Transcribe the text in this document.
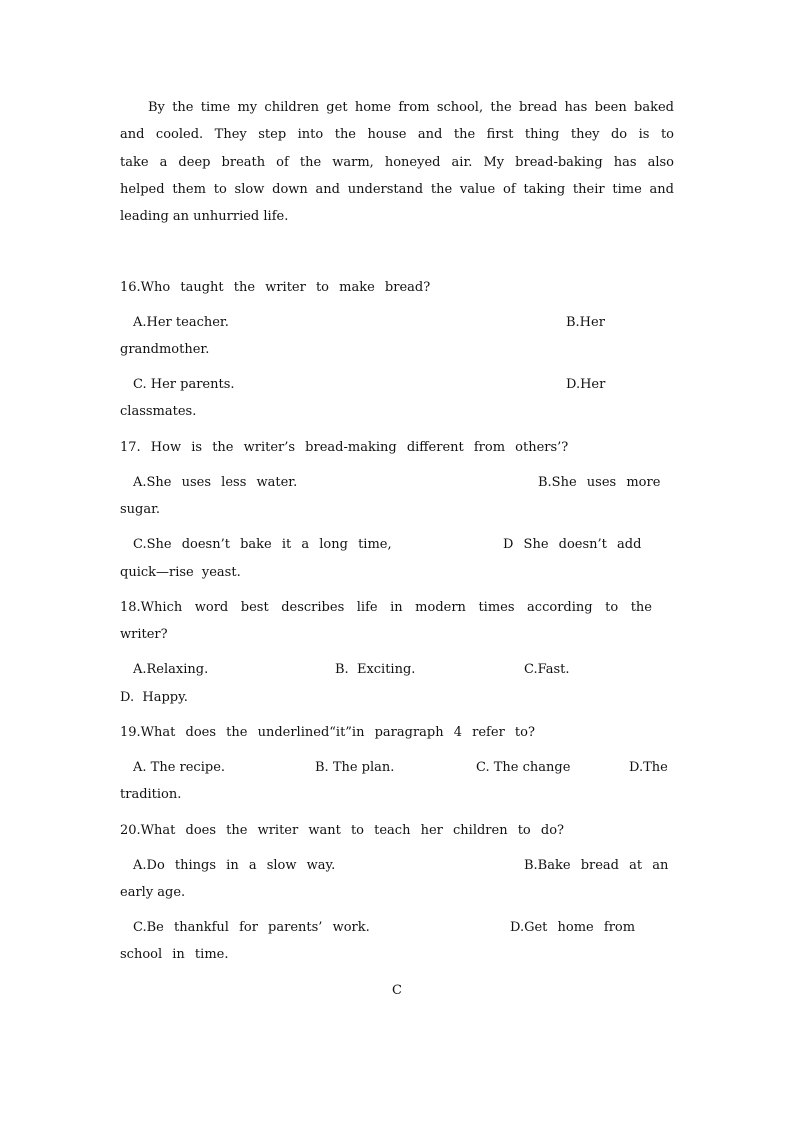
By the time my children get home from school, the bread has been baked
and cooled. They step into the house and the first thing they do is to
take a deep breath of the warm, honeyed air. My bread-baking has also
helped them to slow down and understand the value of taking their time and
leading an unhurried life.
16.Who taught the writer to make bread?
A.Her teacher.	B.Her
grandmother.
C. Her parents.	D.Her
classmates.
17. How is the writer’s bread-making different from others’?
A.She uses less water.	B.She uses more
sugar.
C.She doesn’t bake it a long time,	D She doesn’t add
quick—rise yeast.
18.Which word best describes life in modern times according to the
writer?
A.Relaxing.	B.  Exciting.	C.Fast.
D.  Happy.
19.What does the underlined“it”in paragraph 4 refer to?
A. The recipe.	B. The plan.	C. The change	D.The
tradition.
20.What does the writer want to teach her children to do?
A.Do things in a slow way.	B.Bake bread at an
early age.
C.Be thankful for parents’ work.	D.Get home from
school in time.
C
